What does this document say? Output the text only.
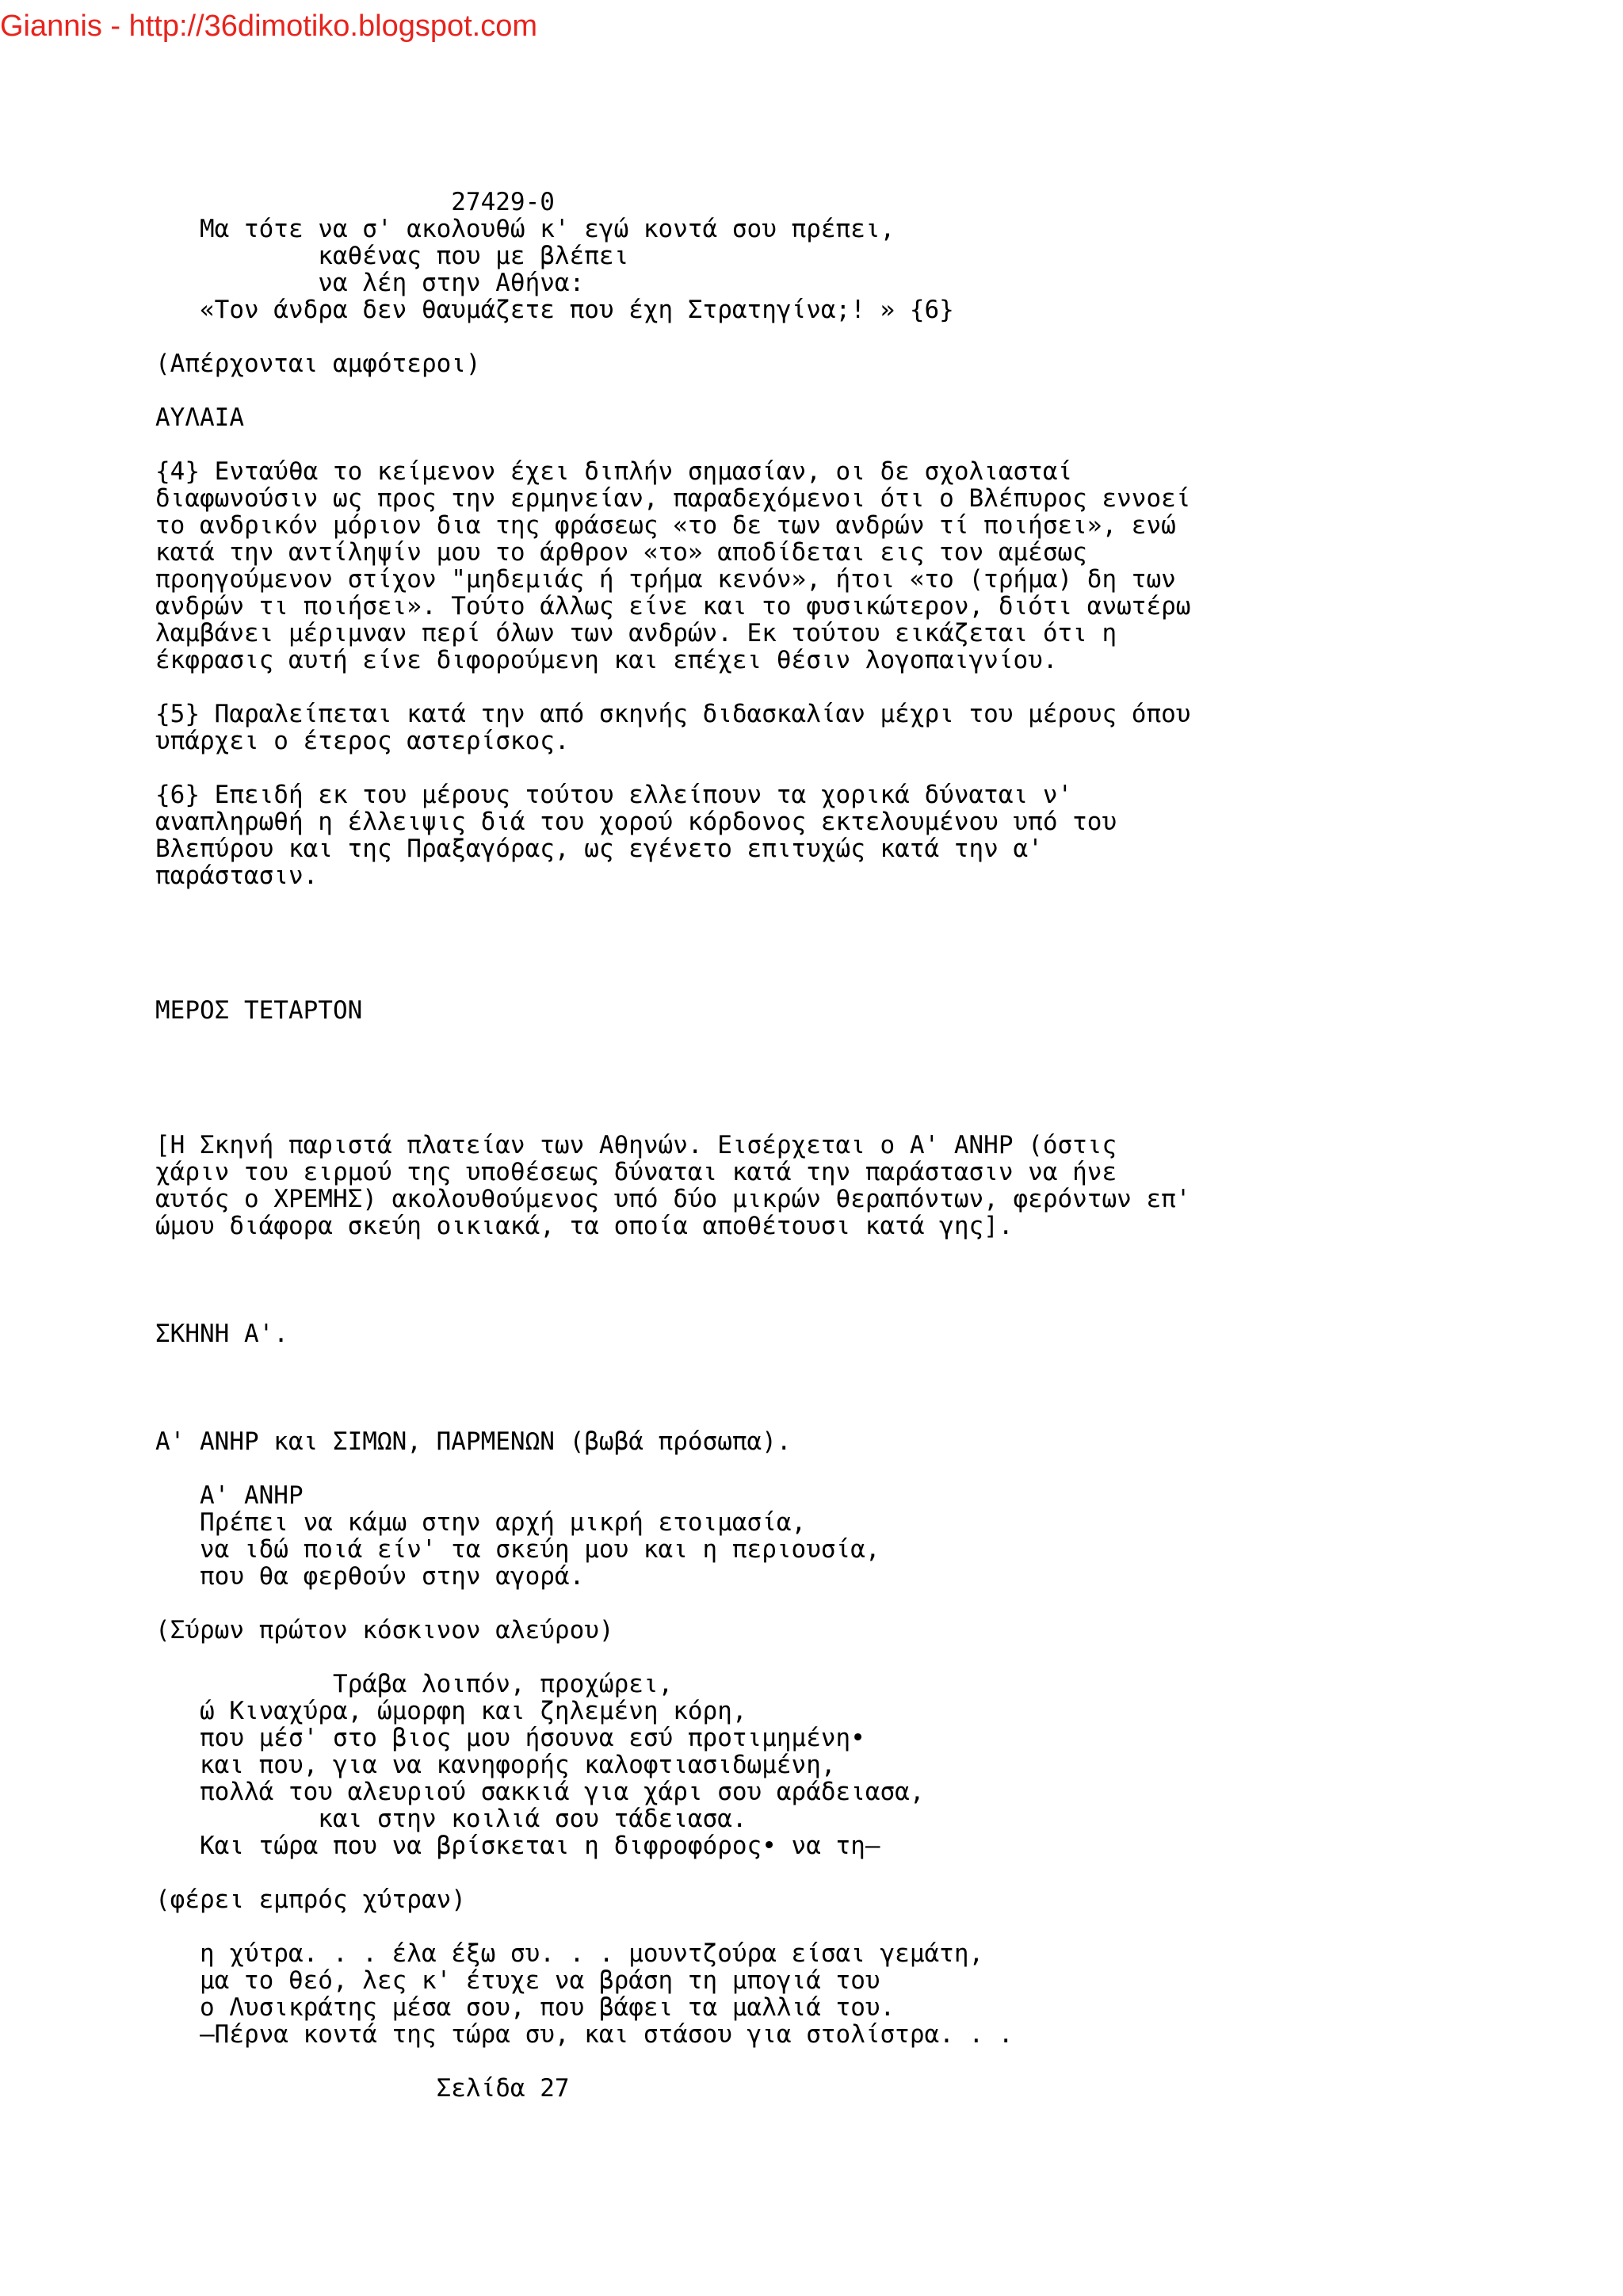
Giannis - http://36dimotiko.blogspot.com
27429-0
Μα τότε να σ' ακολουθώ κ' εγώ κοντά σου πρέπει,
καθένας που με βλέπει
να λέη στην Αθήνα:
«Τον άνδρα δεν θαυμάζετε που έχη Στρατηγίνα;! » {6}
(Απέρχονται αμφότεροι)
ΑΥΛΑΙΑ
{4} Ενταύθα το κείμενον έχει διπλήν σημασίαν, οι δε σχολιασταί
διαφωνούσιν ως προς την ερμηνείαν, παραδεχόμενοι ότι ο Βλέπυρος εννοεί
το ανδρικόν μόριον δια της φράσεως «το δε των ανδρών τί ποιήσει», ενώ
κατά την αντίληψίν μου το άρθρον «το» αποδίδεται εις τον αμέσως
προηγούμενον στίχον "μηδεμιάς ή τρήμα κενόν», ήτοι «το (τρήμα) δη των
ανδρών τι ποιήσει». Τούτο άλλως είνε και το φυσικώτερον, διότι ανωτέρω
λαμβάνει μέριμναν περί όλων των ανδρών. Εκ τούτου εικάζεται ότι η
έκφρασις αυτή είνε διφορούμενη και επέχει θέσιν λογοπαιγνίου.
{5} Παραλείπεται κατά την από σκηνής διδασκαλίαν μέχρι του μέρους όπου
υπάρχει ο έτερος αστερίσκος.
{6} Επειδή εκ του μέρους τούτου ελλείπουν τα χορικά δύναται ν'
αναπληρωθή η έλλειψις διά του χορού κόρδονος εκτελουμένου υπό του
Βλεπύρου και της Πραξαγόρας, ως εγένετο επιτυχώς κατά την α'
παράστασιν.
ΜΕΡΟΣ ΤΕΤΑΡΤΟΝ
[Η Σκηνή παριστά πλατείαν των Αθηνών. Εισέρχεται ο Α' ΑΝΗΡ (όστις
χάριν του ειρμού της υποθέσεως δύναται κατά την παράστασιν να ήνε
αυτός ο ΧΡΕΜΗΣ) ακολουθούμενος υπό δύο μικρών θεραπόντων, φερόντων επ'
ώμου διάφορα σκεύη οικιακά, τα οποία αποθέτουσι κατά γης].
ΣΚΗΝΗ Α'.
Α' ΑΝΗΡ και ΣΙΜΩΝ, ΠΑΡΜΕΝΩΝ (βωβά πρόσωπα).
Α' ΑΝΗΡ
Πρέπει να κάμω στην αρχή μικρή ετοιμασία,
να ιδώ ποιά είν' τα σκεύη μου και η περιουσία,
που θα φερθούν στην αγορά.
(Σύρων πρώτον κόσκινον αλεύρου)
Τράβα λοιπόν, προχώρει,
ώ Κιναχύρα, ώμορφη και ζηλεμένη κόρη,
που μέσ' στο βιος μου ήσουνα εσύ προτιμημένη•
και που, για να κανηφορής καλοφτιασιδωμένη,
πολλά του αλευριού σακκιά για χάρι σου αράδειασα,
και στην κοιλιά σου τάδειασα.
Και τώρα που να βρίσκεται η διφροφόρος• να τη—
(φέρει εμπρός χύτραν)
η χύτρα. . . έλα έξω συ. . . μουντζούρα είσαι γεμάτη,
μα το θεό, λες κ' έτυχε να βράση τη μπογιά του
ο Λυσικράτης μέσα σου, που βάφει τα μαλλιά του.
—Πέρνα κοντά της τώρα συ, και στάσου για στολίστρα. . .
Σελίδα 27
